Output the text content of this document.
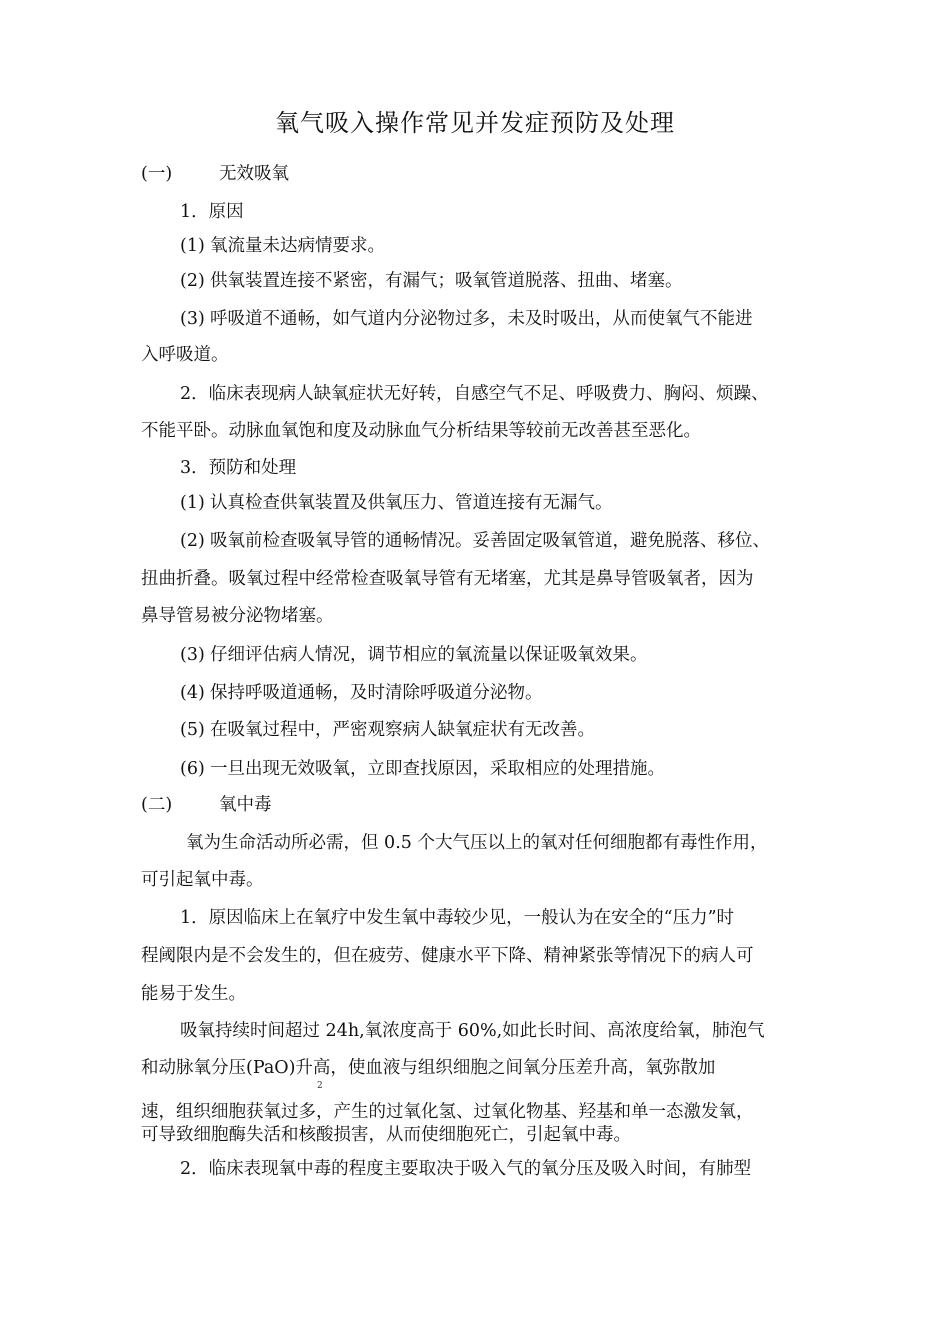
氧气吸入操作常见并发症预防及处理
(一)	无效吸氧
1．原因
(1) 氧流量未达病情要求。
(2) 供氧装置连接不紧密，有漏气；吸氧管道脱落、扭曲、堵塞。
(3) 呼吸道不通畅，如气道内分泌物过多，未及时吸出，从而使氧气不能进
入呼吸道。
2．临床表现病人缺氧症状无好转，自感空气不足、呼吸费力、胸闷、烦躁、
不能平卧。动脉血氧饱和度及动脉血气分析结果等较前无改善甚至恶化。
3．预防和处理
(1) 认真检查供氧装置及供氧压力、管道连接有无漏气。
(2) 吸氧前检查吸氧导管的通畅情况。妥善固定吸氧管道，避免脱落、移位、
扭曲折叠。吸氧过程中经常检查吸氧导管有无堵塞，尤其是鼻导管吸氧者，因为
鼻导管易被分泌物堵塞。
(3) 仔细评估病人情况，调节相应的氧流量以保证吸氧效果。
(4) 保持呼吸道通畅，及时清除呼吸道分泌物。
(5) 在吸氧过程中，严密观察病人缺氧症状有无改善。
(6) 一旦出现无效吸氧，立即查找原因，采取相应的处理措施。
(二)	氧中毒
氧为生命活动所必需，但 0.5 个大气压以上的氧对任何细胞都有毒性作用，
可引起氧中毒。
1．原因临床上在氧疗中发生氧中毒较少见，一般认为在安全的“压力”时
程阈限内是不会发生的，但在疲劳、健康水平下降、精神紧张等情况下的病人可
能易于发生。
吸氧持续时间超过 24h,氧浓度高于 60%,如此长时间、高浓度给氧，肺泡气
和动脉氧分压(PaO)升高，使血液与组织细胞之间氧分压差升高，氧弥散加
2
速，组织细胞获氧过多，产生的过氧化氢、过氧化物基、羟基和单一态激发氧，
可导致细胞酶失活和核酸损害，从而使细胞死亡，引起氧中毒。
2．临床表现氧中毒的程度主要取决于吸入气的氧分压及吸入时间，有肺型
